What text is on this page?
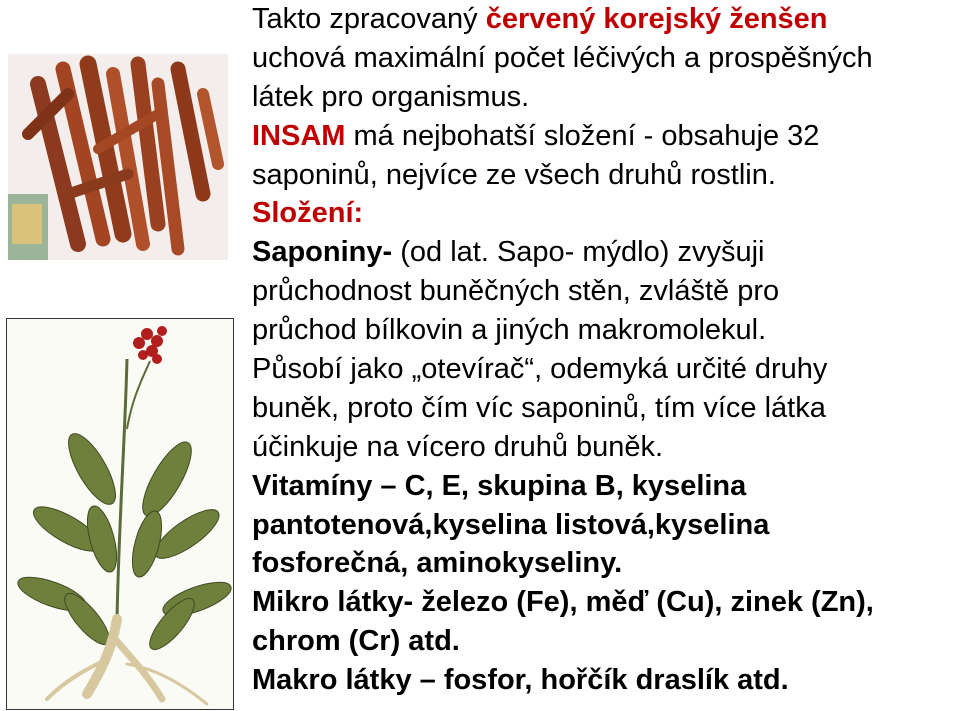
Takto zpracovaný červený korejský ženšen
uchová maximální počet léčivých a prospěšných
látek pro organismus.
INSAM má nejbohatší složení - obsahuje 32
saponinů, nejvíce ze všech druhů rostlin.
Složení:
Saponiny- (od lat. Sapo- mýdlo) zvyšuji
průchodnost buněčných stěn, zvláště pro
průchod bílkovin a jiných makromolekul.
Působí jako „otevírač“, odemyká určité druhy
buněk, proto čím víc saponinů, tím více látka
účinkuje na vícero druhů buněk.
Vitamíny – C, E, skupina B, kyselina
pantotenová,kyselina listová,kyselina
fosforečná, aminokyseliny.
Mikro látky- železo (Fe), měď (Cu), zinek (Zn),
chrom (Cr) atd.
Makro látky – fosfor, hořčík draslík atd.
